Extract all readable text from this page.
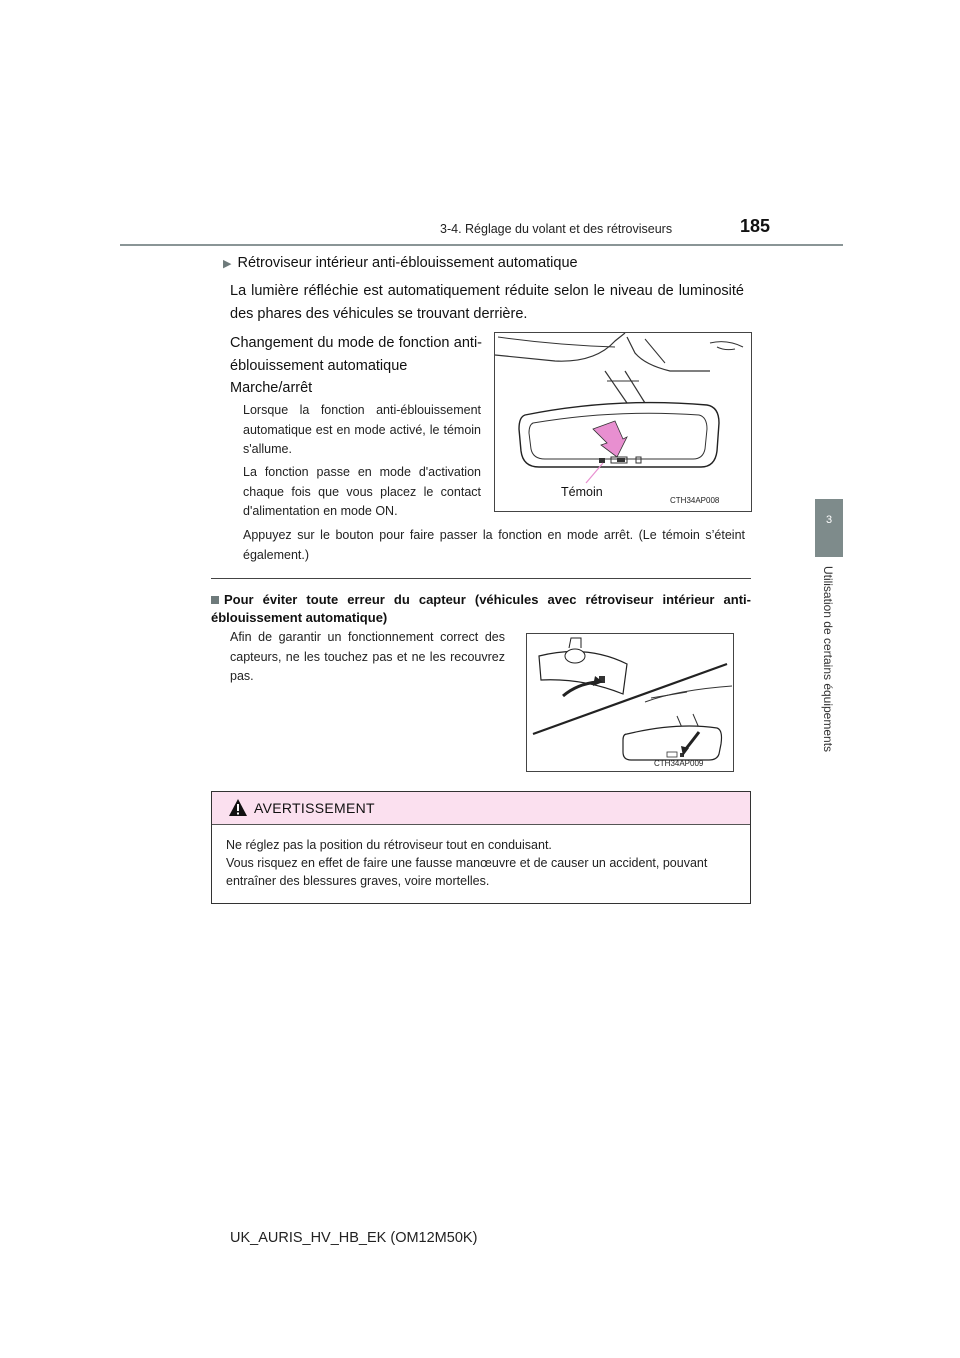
3-4. Réglage du volant et des rétroviseurs	185
3
Utilisation de certains équipements
▶ Rétroviseur intérieur anti-éblouissement automatique
La lumière réfléchie est automatiquement réduite selon le niveau de luminosité des phares des véhicules se trouvant derrière.
Changement du mode de fonction anti-éblouissement automatique
Marche/arrêt
Lorsque la fonction anti-éblouissement automatique est en mode activé, le témoin s'allume.
La fonction passe en mode d'activation chaque fois que vous placez le contact d'alimentation en mode ON.
Appuyez sur le bouton pour faire passer la fonction en mode arrêt. (Le témoin s’éteint également.)
Témoin
CTH34AP008
Pour éviter toute erreur du capteur (véhicules avec rétroviseur intérieur anti-éblouissement automatique)
Afin de garantir un fonctionnement correct des capteurs, ne les touchez pas et ne les recouvrez pas.
CTH34AP009
AVERTISSEMENT
Ne réglez pas la position du rétroviseur tout en conduisant.
Vous risquez en effet de faire une fausse manœuvre et de causer un accident, pouvant entraîner des blessures graves, voire mortelles.
UK_AURIS_HV_HB_EK (OM12M50K)
